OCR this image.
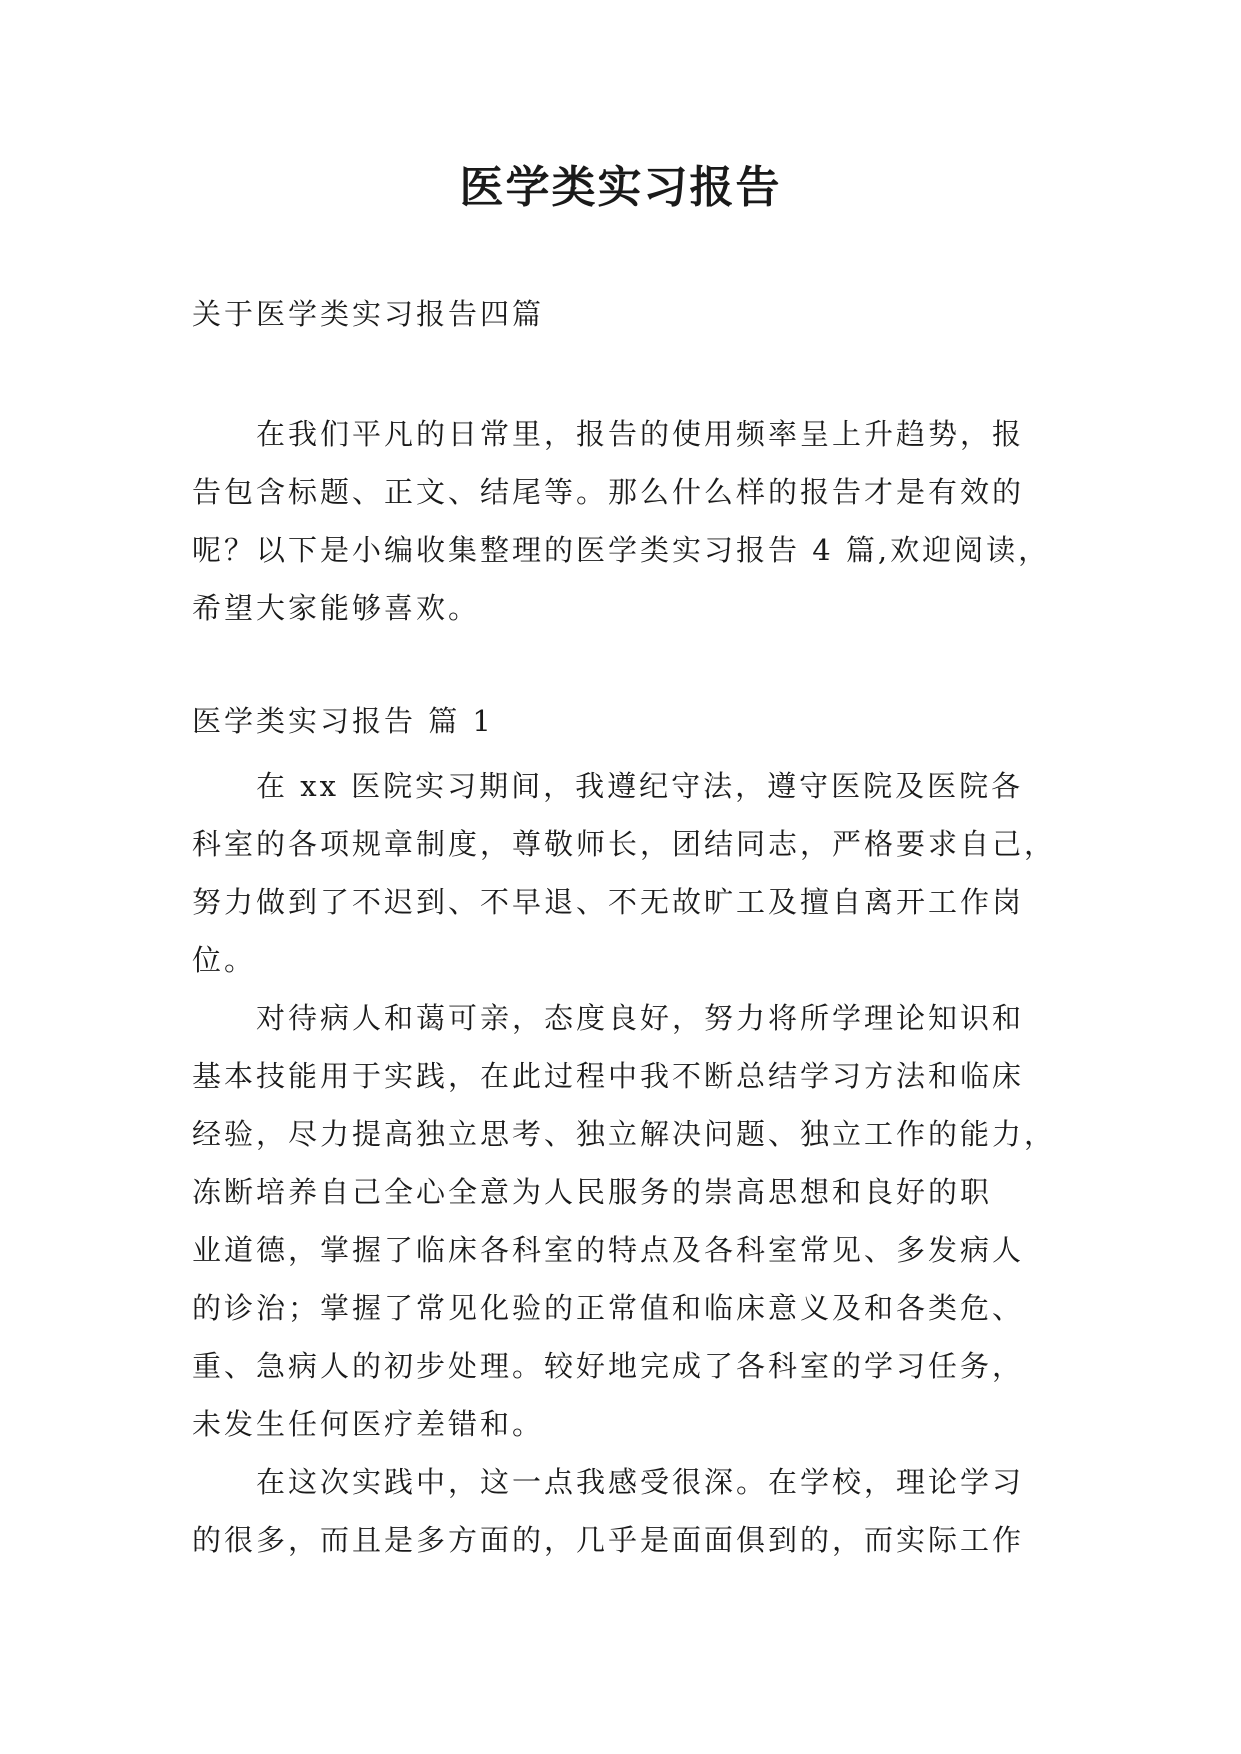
医学类实习报告
关于医学类实习报告四篇
在我们平凡的日常里，报告的使用频率呈上升趋势，报
告包含标题、正文、结尾等。那么什么样的报告才是有效的
呢？以下是小编收集整理的医学类实习报告 4 篇,欢迎阅读，
希望大家能够喜欢。
医学类实习报告 篇 1
在 xx 医院实习期间，我遵纪守法，遵守医院及医院各
科室的各项规章制度，尊敬师长，团结同志，严格要求自己，
努力做到了不迟到、不早退、不无故旷工及擅自离开工作岗
位。
对待病人和蔼可亲，态度良好，努力将所学理论知识和
基本技能用于实践，在此过程中我不断总结学习方法和临床
经验，尽力提高独立思考、独立解决问题、独立工作的能力，
冻断培养自己全心全意为人民服务的崇高思想和良好的职
业道德，掌握了临床各科室的特点及各科室常见、多发病人
的诊治；掌握了常见化验的正常值和临床意义及和各类危、
重、急病人的初步处理。较好地完成了各科室的学习任务，
未发生任何医疗差错和。
在这次实践中，这一点我感受很深。在学校，理论学习
的很多，而且是多方面的，几乎是面面俱到的，而实际工作
